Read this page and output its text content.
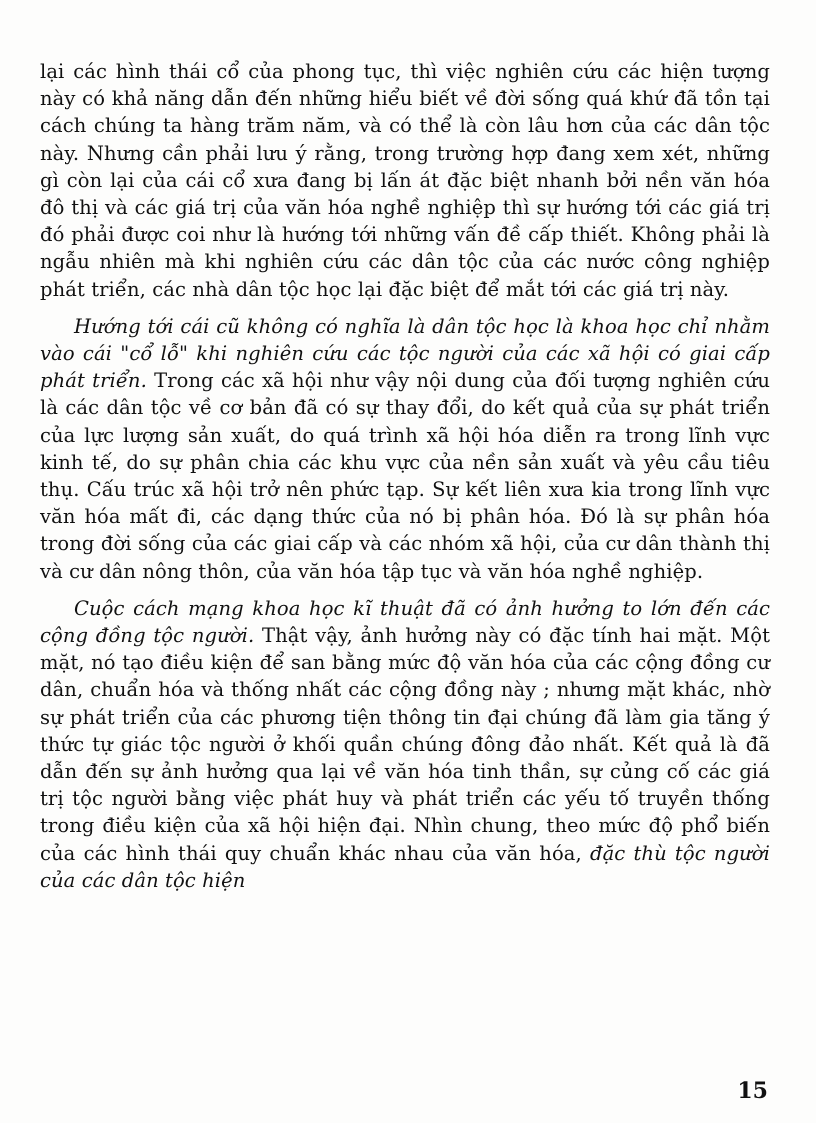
lại các hình thái cổ của phong tục, thì việc nghiên cứu các hiện tượng này có khả năng dẫn đến những hiểu biết về đời sống quá khứ đã tồn tại cách chúng ta hàng trăm năm, và có thể là còn lâu hơn của các dân tộc này. Nhưng cần phải lưu ý rằng, trong trường hợp đang xem xét, những gì còn lại của cái cổ xưa đang bị lấn át đặc biệt nhanh bởi nền văn hóa đô thị và các giá trị của văn hóa nghề nghiệp thì sự hướng tới các giá trị đó phải được coi như là hướng tới những vấn đề cấp thiết. Không phải là ngẫu nhiên mà khi nghiên cứu các dân tộc của các nước công nghiệp phát triển, các nhà dân tộc học lại đặc biệt để mắt tới các giá trị này.

Hướng tới cái cũ không có nghĩa là dân tộc học là khoa học chỉ nhằm vào cái "cổ lỗ" khi nghiên cứu các tộc người của các xã hội có giai cấp phát triển. Trong các xã hội như vậy nội dung của đối tượng nghiên cứu là các dân tộc về cơ bản đã có sự thay đổi, do kết quả của sự phát triển của lực lượng sản xuất, do quá trình xã hội hóa diễn ra trong lĩnh vực kinh tế, do sự phân chia các khu vực của nền sản xuất và yêu cầu tiêu thụ. Cấu trúc xã hội trở nên phức tạp. Sự kết liên xưa kia trong lĩnh vực văn hóa mất đi, các dạng thức của nó bị phân hóa. Đó là sự phân hóa trong đời sống của các giai cấp và các nhóm xã hội, của cư dân thành thị và cư dân nông thôn, của văn hóa tập tục và văn hóa nghề nghiệp.

Cuộc cách mạng khoa học kĩ thuật đã có ảnh hưởng to lớn đến các cộng đồng tộc người. Thật vậy, ảnh hưởng này có đặc tính hai mặt. Một mặt, nó tạo điều kiện để san bằng mức độ văn hóa của các cộng đồng cư dân, chuẩn hóa và thống nhất các cộng đồng này ; nhưng mặt khác, nhờ sự phát triển của các phương tiện thông tin đại chúng đã làm gia tăng ý thức tự giác tộc người ở khối quần chúng đông đảo nhất. Kết quả là đã dẫn đến sự ảnh hưởng qua lại về văn hóa tinh thần, sự củng cố các giá trị tộc người bằng việc phát huy và phát triển các yếu tố truyền thống trong điều kiện của xã hội hiện đại. Nhìn chung, theo mức độ phổ biến của các hình thái quy chuẩn khác nhau của văn hóa, đặc thù tộc người của các dân tộc hiện

15
